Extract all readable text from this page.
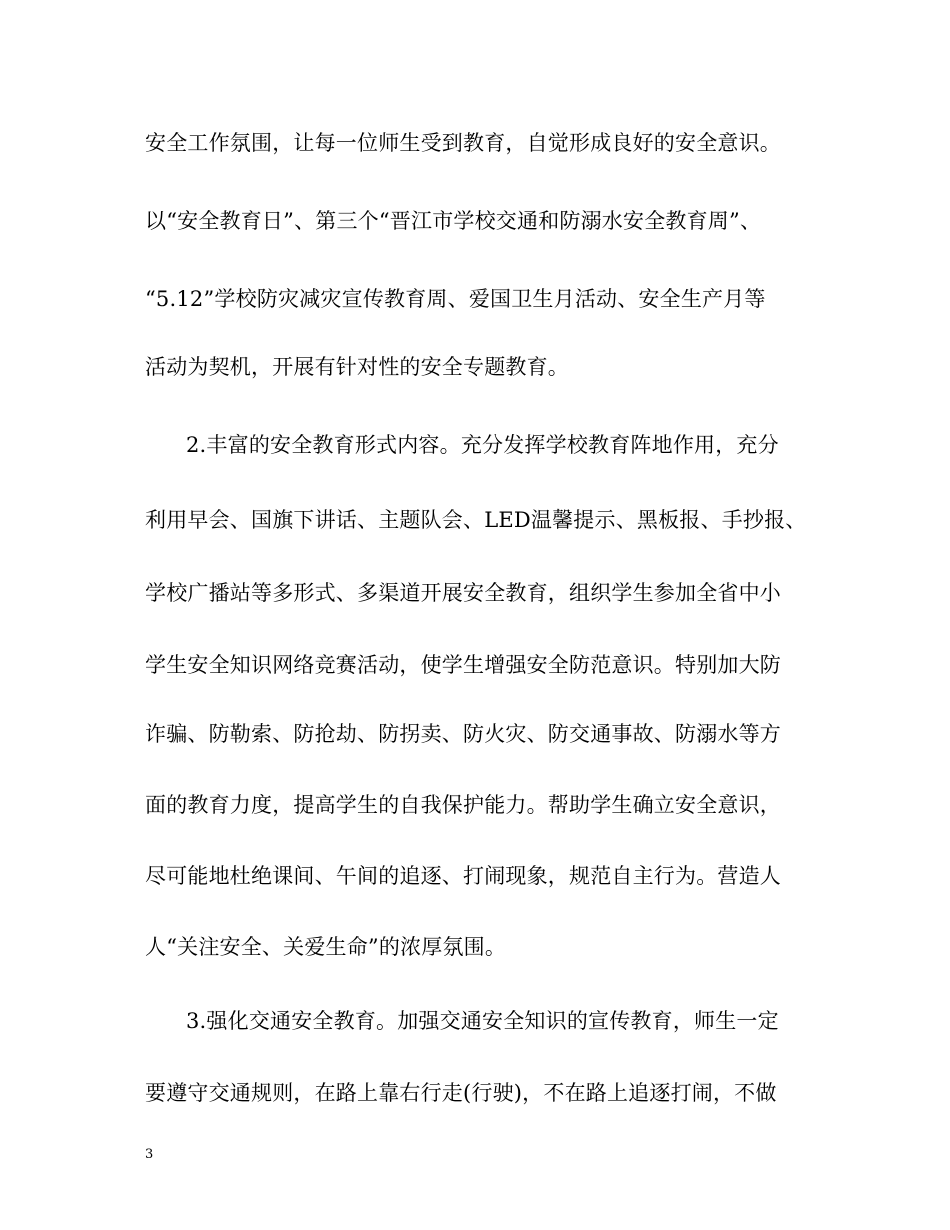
安全工作氛围，让每一位师生受到教育，自觉形成良好的安全意识。
以“安全教育日”、第三个“晋江市学校交通和防溺水安全教育周”、
“5.12”学校防灾减灾宣传教育周、爱国卫生月活动、安全生产月等
活动为契机，开展有针对性的安全专题教育。
2.丰富的安全教育形式内容。充分发挥学校教育阵地作用，充分
利用早会、国旗下讲话、主题队会、LED温馨提示、黑板报、手抄报、
学校广播站等多形式、多渠道开展安全教育，组织学生参加全省中小
学生安全知识网络竞赛活动，使学生增强安全防范意识。特别加大防
诈骗、防勒索、防抢劫、防拐卖、防火灾、防交通事故、防溺水等方
面的教育力度，提高学生的自我保护能力。帮助学生确立安全意识，
尽可能地杜绝课间、午间的追逐、打闹现象，规范自主行为。营造人
人“关注安全、关爱生命”的浓厚氛围。
3.强化交通安全教育。加强交通安全知识的宣传教育，师生一定
要遵守交通规则，在路上靠右行走(行驶)，不在路上追逐打闹，不做
3
